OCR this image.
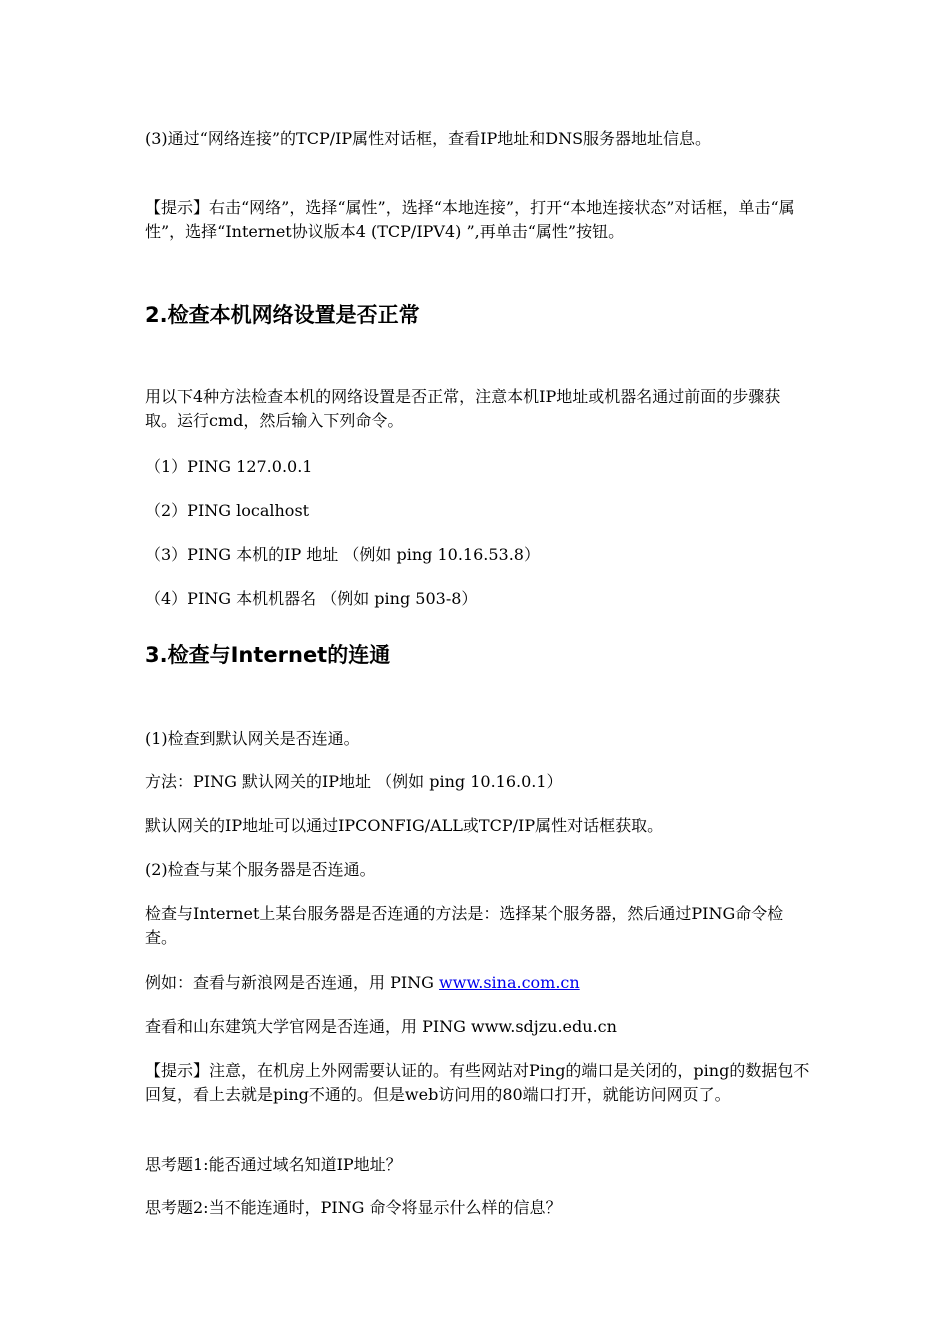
(3)通过“网络连接”的TCP/IP属性对话框，查看IP地址和DNS服务器地址信息。

【提示】右击“网络”，选择“属性”，选择“本地连接”，打开“本地连接状态”对话框，单击“属性”，选择“Internet协议版本4 (TCP/IPV4) ”,再单击“属性”按钮。

2.检查本机网络设置是否正常

用以下4种方法检查本机的网络设置是否正常，注意本机IP地址或机器名通过前面的步骤获取。运行cmd，然后输入下列命令。

（1）PING 127.0.0.1

（2）PING localhost

（3）PING 本机的IP 地址 （例如 ping 10.16.53.8）

（4）PING 本机机器名 （例如 ping 503-8）

3.检查与Internet的连通

(1)检查到默认网关是否连通。

方法：PING 默认网关的IP地址 （例如 ping 10.16.0.1）

默认网关的IP地址可以通过IPCONFIG/ALL或TCP/IP属性对话框获取。

(2)检查与某个服务器是否连通。

检查与Internet上某台服务器是否连通的方法是：选择某个服务器，然后通过PING命令检查。

例如：查看与新浪网是否连通，用 PING www.sina.com.cn

查看和山东建筑大学官网是否连通，用 PING www.sdjzu.edu.cn

【提示】注意，在机房上外网需要认证的。有些网站对Ping的端口是关闭的，ping的数据包不回复，看上去就是ping不通的。但是web访问用的80端口打开，就能访问网页了。

思考题1:能否通过域名知道IP地址？

思考题2:当不能连通时，PING 命令将显示什么样的信息？
